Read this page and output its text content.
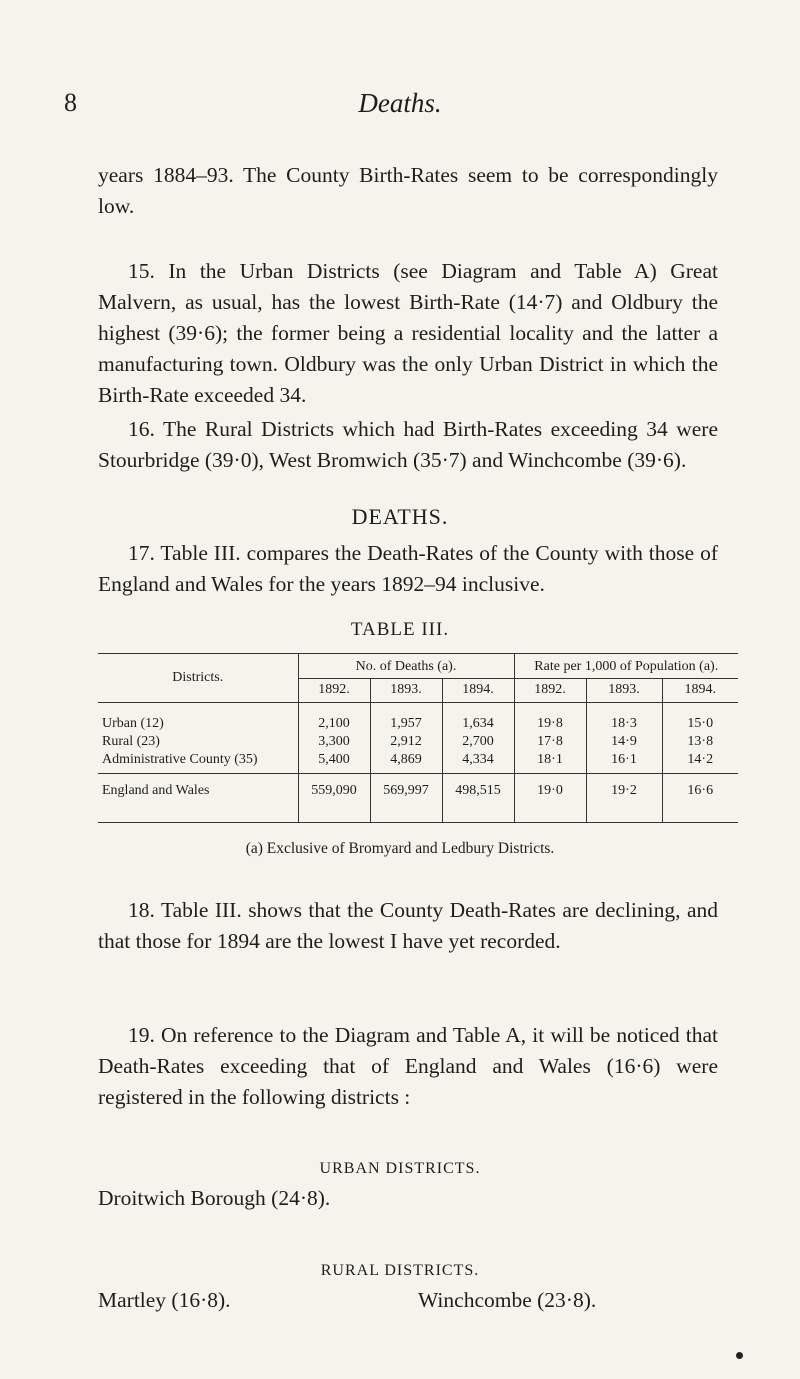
8	Deaths.

years 1884–93. The County Birth-Rates seem to be correspondingly low.

15. In the Urban Districts (see Diagram and Table A) Great Malvern, as usual, has the lowest Birth-Rate (14·7) and Oldbury the highest (39·6); the former being a residential locality and the latter a manufacturing town. Oldbury was the only Urban District in which the Birth-Rate exceeded 34.

16. The Rural Districts which had Birth-Rates exceeding 34 were Stourbridge (39·0), West Bromwich (35·7) and Winchcombe (39·6).

DEATHS.

17. Table III. compares the Death-Rates of the County with those of England and Wales for the years 1892–94 inclusive.

TABLE III.

Districts.	No. of Deaths (a).			Rate per 1,000 of Population (a).		
	1892.	1893.	1894.	1892.	1893.	1894.
Urban (12)	2,100	1,957	1,634	19·8	18·3	15·0
Rural (23)	3,300	2,912	2,700	17·8	14·9	13·8
Administrative County (35)	5,400	4,869	4,334	18·1	16·1	14·2
England and Wales	559,090	569,997	498,515	19·0	19·2	16·6

(a) Exclusive of Bromyard and Ledbury Districts.

18. Table III. shows that the County Death-Rates are declining, and that those for 1894 are the lowest I have yet recorded.

19. On reference to the Diagram and Table A, it will be noticed that Death-Rates exceeding that of England and Wales (16·6) were registered in the following districts :

URBAN DISTRICTS.

Droitwich Borough (24·8).

RURAL DISTRICTS.

Martley (16·8).	Winchcombe (23·8).
